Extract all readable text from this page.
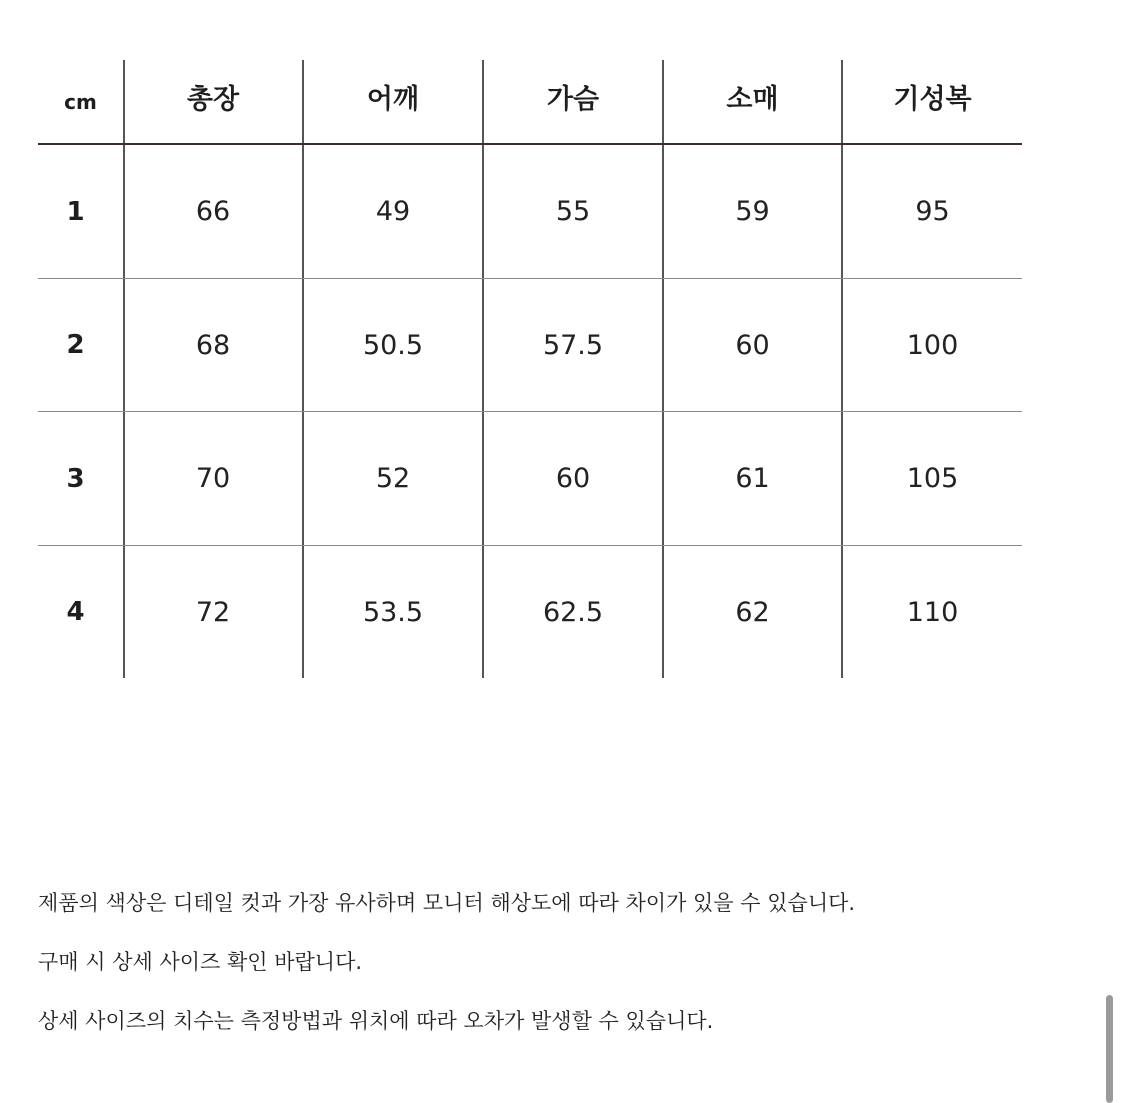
cm	총장	어깨	가슴	소매	기성복
1	66	49	55	59	95
2	68	50.5	57.5	60	100
3	70	52	60	61	105
4	72	53.5	62.5	62	110

제품의 색상은 디테일 컷과 가장 유사하며 모니터 해상도에 따라 차이가 있을 수 있습니다.

구매 시 상세 사이즈 확인 바랍니다.

상세 사이즈의 치수는 측정방법과 위치에 따라 오차가 발생할 수 있습니다.
